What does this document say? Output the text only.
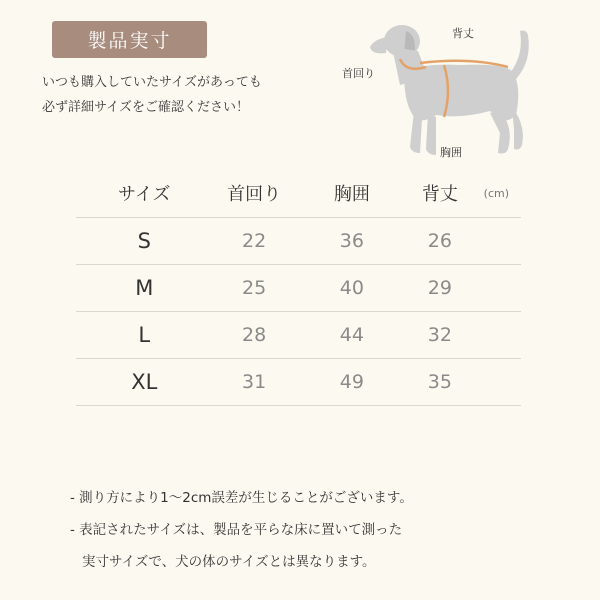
製品実寸
いつも購入していたサイズがあっても
必ず詳細サイズをご確認ください！
背丈
首回り
胸囲
サイズ	首回り	胸囲	背丈	(cm)
S	22	36	26	
M	25	40	29	
L	28	44	32	
XL	31	49	35	
- 測り方により1〜2cm誤差が生じることがございます。
- 表記されたサイズは、製品を平らな床に置いて測った
実寸サイズで、犬の体のサイズとは異なります。
